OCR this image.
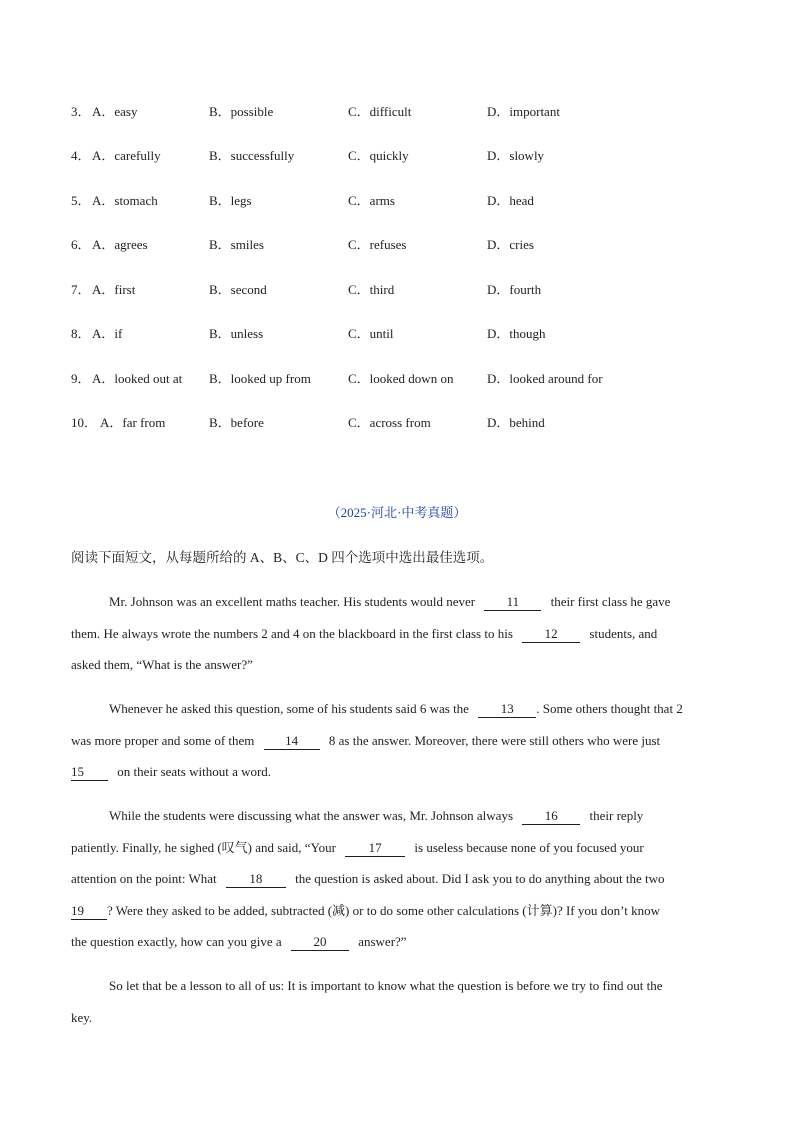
3． A．easy	B．possible	C．difficult	D．important
4． A．carefully	B．successfully	C．quickly	D．slowly
5． A．stomach	B．legs	C．arms	D．head
6． A．agrees	B．smiles	C．refuses	D．cries
7． A．first	B．second	C．third	D．fourth
8． A．if	B．unless	C．until	D．though
9． A．looked out at B．looked up from	C．looked down on	D．looked around for
10． A．far from	B．before	C．across from	D．behind
（2025·河北·中考真题）
阅读下面短文，从每题所给的 A、B、C、D 四个选项中选出最佳选项。
Mr. Johnson was an excellent maths teacher. His students would never 11 their first class he gave
them. He always wrote the numbers 2 and 4 on the blackboard in the first class to his 12 students, and
asked them, “What is the answer?”
Whenever he asked this question, some of his students said 6 was the 13 . Some others thought that 2
was more proper and some of them 14 8 as the answer. Moreover, there were still others who were just
15	on their seats without a word.
While the students were discussing what the answer was, Mr. Johnson always 16 their reply
patiently. Finally, he sighed (叹气) and said, “Your	17	is useless because none of you focused your
attention on the point: What	18	the question is asked about. Did I ask you to do anything about the two
19 ? Were they asked to be added, subtracted (减) or to do some other calculations (计算)? If you don’t know
the question exactly, how can you give a 20 answer?”
So let that be a lesson to all of us: It is important to know what the question is before we try to find out the
key.
